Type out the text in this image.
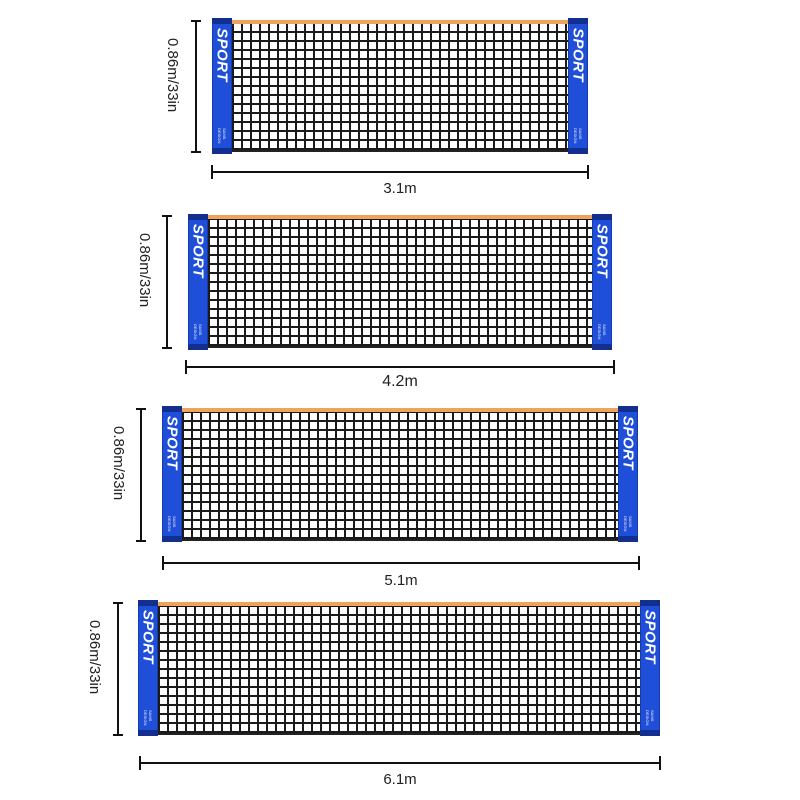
0.86m/33in SPORT
SAMS DESIGN
SPORT
SAMS DESIGN
3.1m
0.86m/33in SPORT
SAMS DESIGN
SPORT
SAMS DESIGN
4.2m
0.86m/33in SPORT
SAMS DESIGN
SPORT
SAMS DESIGN
5.1m
0.86m/33in SPORT
SAMS DESIGN
SPORT
SAMS DESIGN
6.1m
